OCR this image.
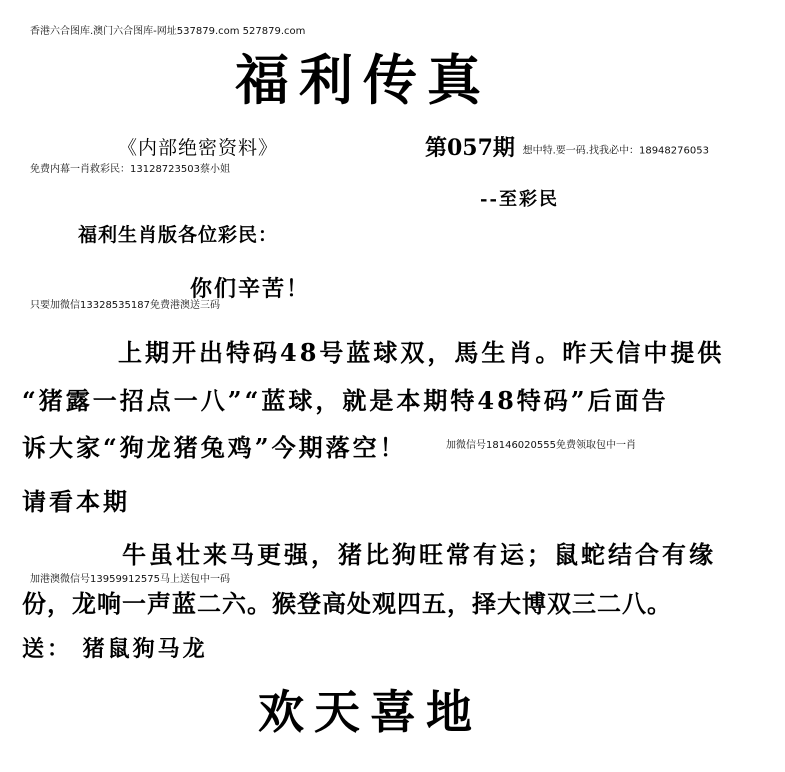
香港六合图库.澳门六合图库-网址537879.com 527879.com
福利传真
《内部绝密资料》
免费内幕一肖救彩民：13128723503蔡小姐
第057期 想中特.要一码.找我必中：18948276053
--至彩民
福利生肖版各位彩民：
你们辛苦！
只要加微信13328535187免费港澳送三码
上期开出特码48号蓝球双，馬生肖。昨天信中提供
“猪露一招点一八”“蓝球，就是本期特48特码”后面告
诉大家“狗龙猪兔鸡”今期落空！	加微信号18146020555免费领取包中一肖
请看本期
牛虽壮来马更强，猪比狗旺常有运；鼠蛇结合有缘
加港澳微信号13959912575马上送包中一码
份，龙响一声蓝二六。猴登高处观四五，择大博双三二八。
送： 猪鼠狗马龙
欢天喜地
